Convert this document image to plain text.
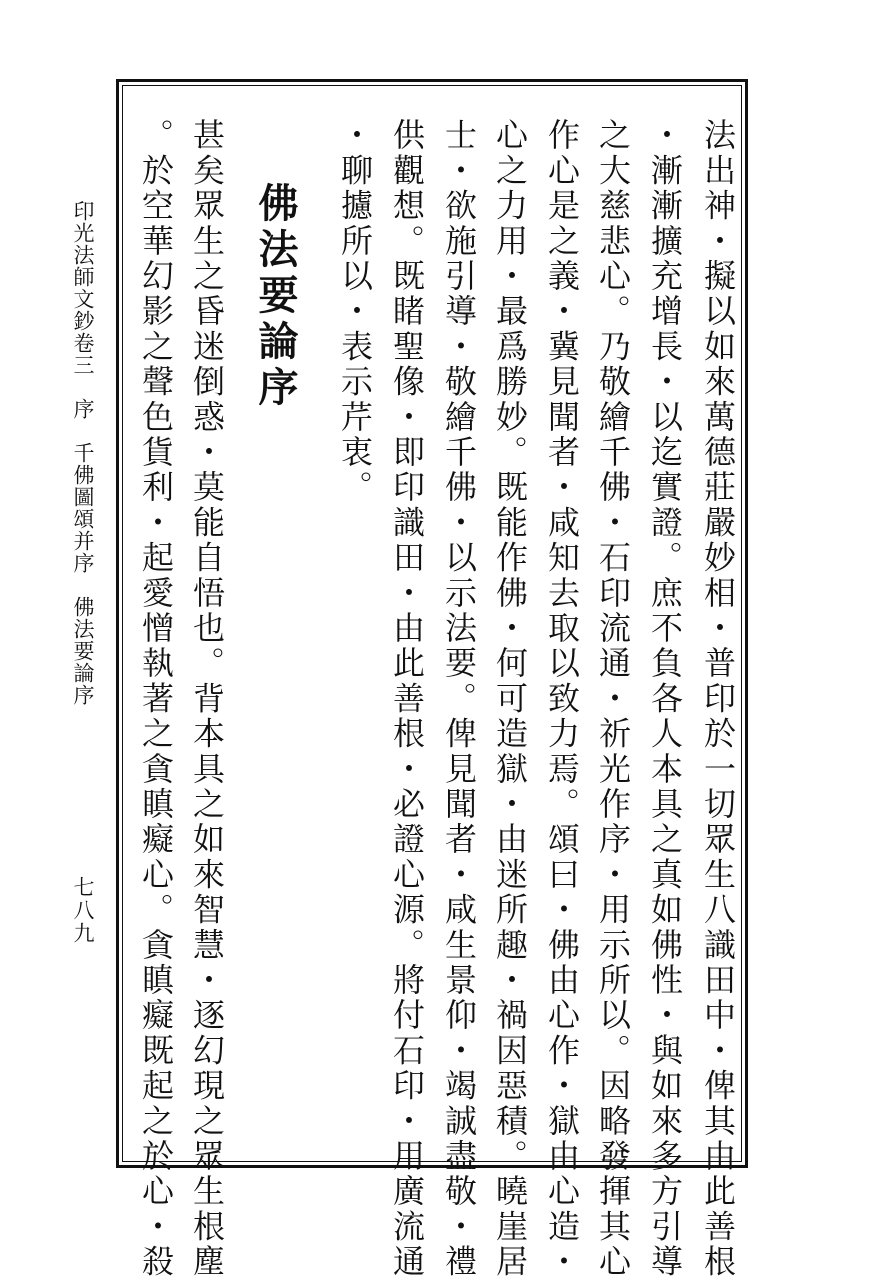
印光法師文鈔卷三序千佛圖頌并序佛法要論序
七八九	法出神・擬以如來萬德莊嚴妙相・普印於一切眾生八識田中・俾其由此善根
・漸漸擴充增長・以迄實證。庶不負各人本具之真如佛性・與如來多方引導
之大慈悲心。乃敬繪千佛・石印流通・祈光作序・用示所以。因略發揮其心
作心是之義・冀見聞者・咸知去取以致力焉。頌曰・佛由心作・獄由心造・
心之力用・最爲勝妙。既能作佛・何可造獄・由迷所趣・禍因惡積。曉崖居
士・欲施引導・敬繪千佛・以示法要。俾見聞者・咸生景仰・竭誠盡敬・禮
供觀想。既睹聖像・即印識田・由此善根・必證心源。將付石印・用廣流通
・聊攄所以・表示芹衷。
佛法要論序
甚矣眾生之昏迷倒惑・莫能自悟也。背本具之如來智慧・逐幻現之眾生根塵
。於空華幻影之聲色貨利・起愛憎執著之貪瞋癡心。貪瞋癡既起之於心・殺
